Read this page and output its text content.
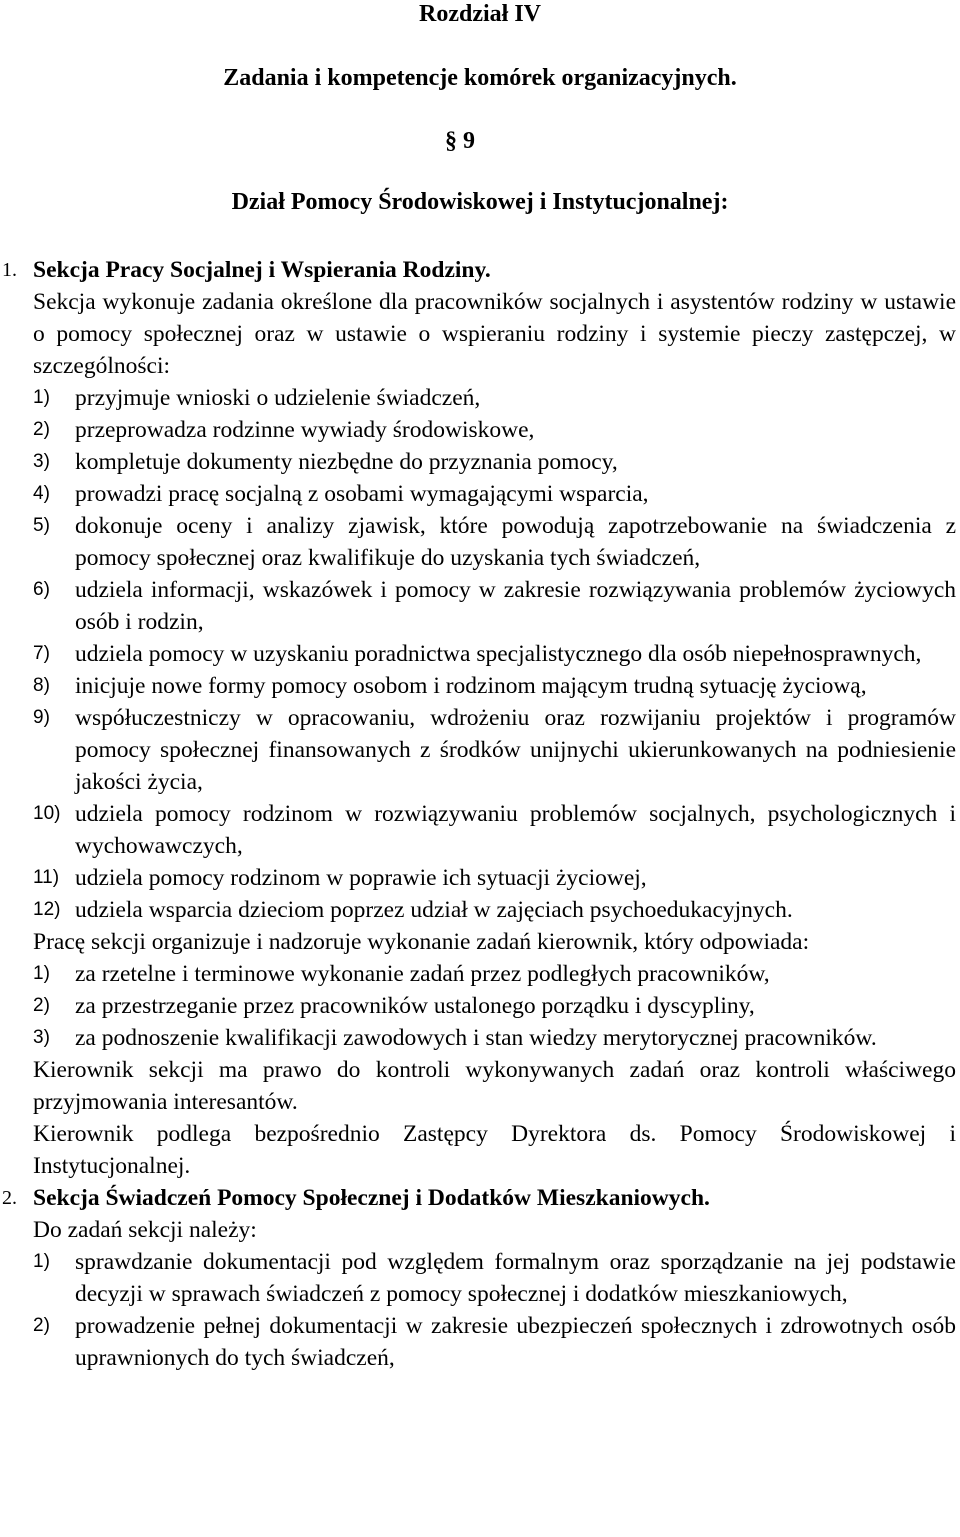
Rozdział IV
Zadania i kompetencje komórek organizacyjnych.
§ 9
Dział Pomocy Środowiskowej i Instytucjonalnej:
1. Sekcja Pracy Socjalnej i Wspierania Rodziny.
Sekcja wykonuje zadania określone dla pracowników socjalnych i asystentów rodziny w ustawie o pomocy społecznej oraz w ustawie o wspieraniu rodziny i systemie pieczy zastępczej, w szczególności:
1) przyjmuje wnioski o udzielenie świadczeń,
2) przeprowadza rodzinne wywiady środowiskowe,
3) kompletuje dokumenty niezbędne do przyznania pomocy,
4) prowadzi pracę socjalną z osobami wymagającymi wsparcia,
5) dokonuje oceny i analizy zjawisk, które powodują zapotrzebowanie na świadczenia z pomocy społecznej oraz kwalifikuje do uzyskania tych świadczeń,
6) udziela informacji, wskazówek i pomocy w zakresie rozwiązywania problemów życiowych osób i rodzin,
7) udziela pomocy w uzyskaniu poradnictwa specjalistycznego dla osób niepełnosprawnych,
8) inicjuje nowe formy pomocy osobom i rodzinom mającym trudną sytuację życiową,
9) współuczestniczy w opracowaniu, wdrożeniu oraz rozwijaniu projektów i programów pomocy społecznej finansowanych z środków unijnychi ukierunkowanych na podniesienie jakości życia,
10) udziela pomocy rodzinom w rozwiązywaniu problemów socjalnych, psychologicznych i wychowawczych,
11) udziela pomocy rodzinom w poprawie ich sytuacji życiowej,
12) udziela wsparcia dzieciom poprzez udział w zajęciach psychoedukacyjnych.
Pracę sekcji organizuje i nadzoruje wykonanie zadań kierownik, który odpowiada:
1) za rzetelne i terminowe wykonanie zadań przez podległych pracowników,
2) za przestrzeganie przez pracowników ustalonego porządku i dyscypliny,
3) za podnoszenie kwalifikacji zawodowych i stan wiedzy merytorycznej pracowników.
Kierownik sekcji ma prawo do kontroli wykonywanych zadań oraz kontroli właściwego przyjmowania interesantów.
Kierownik podlega bezpośrednio Zastępcy Dyrektora ds. Pomocy Środowiskowej i Instytucjonalnej.
2. Sekcja Świadczeń Pomocy Społecznej i Dodatków Mieszkaniowych.
Do zadań sekcji należy:
1) sprawdzanie dokumentacji pod względem formalnym oraz sporządzanie na jej podstawie decyzji w sprawach świadczeń z pomocy społecznej i dodatków mieszkaniowych,
2) prowadzenie pełnej dokumentacji w zakresie ubezpieczeń społecznych i zdrowotnych osób uprawnionych do tych świadczeń,
